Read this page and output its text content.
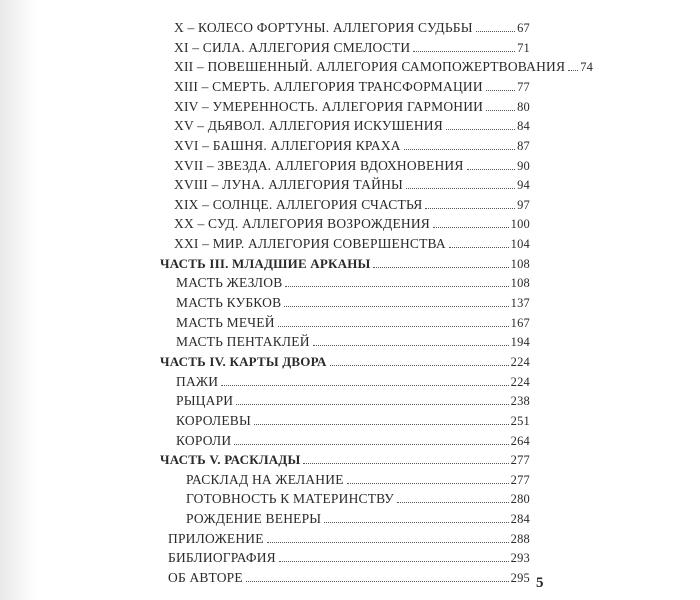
X – КОЛЕСО ФОРТУНЫ. АЛЛЕГОРИЯ СУДЬБЫ	67
XI – СИЛА. АЛЛЕГОРИЯ СМЕЛОСТИ	71
XII – ПОВЕШЕННЫЙ. АЛЛЕГОРИЯ САМОПОЖЕРТВОВАНИЯ 74
XIII – СМЕРТЬ. АЛЛЕГОРИЯ ТРАНСФОРМАЦИИ	77
XIV – УМЕРЕННОСТЬ. АЛЛЕГОРИЯ ГАРМОНИИ	80
XV – ДЬЯВОЛ. АЛЛЕГОРИЯ ИСКУШЕНИЯ	84
XVI – БАШНЯ. АЛЛЕГОРИЯ КРАХА	87
XVII – ЗВЕЗДА. АЛЛЕГОРИЯ ВДОХНОВЕНИЯ	90
XVIII – ЛУНА. АЛЛЕГОРИЯ ТАЙНЫ	94
XIX – СОЛНЦЕ. АЛЛЕГОРИЯ СЧАСТЬЯ	97
XX – СУД. АЛЛЕГОРИЯ ВОЗРОЖДЕНИЯ	100
XXI – МИР. АЛЛЕГОРИЯ СОВЕРШЕНСТВА	104
ЧАСТЬ III. МЛАДШИЕ АРКАНЫ	108
МАСТЬ ЖЕЗЛОВ	108
МАСТЬ КУБКОВ	137
МАСТЬ МЕЧЕЙ	167
МАСТЬ ПЕНТАКЛЕЙ	194
ЧАСТЬ IV. КАРТЫ ДВОРА	224
ПАЖИ	224
РЫЦАРИ	238
КОРОЛЕВЫ	251
КОРОЛИ	264
ЧАСТЬ V. РАСКЛАДЫ	277
РАСКЛАД НА ЖЕЛАНИЕ	277
ГОТОВНОСТЬ К МАТЕРИНСТВУ	280
РОЖДЕНИЕ ВЕНЕРЫ	284
ПРИЛОЖЕНИЕ	288
БИБЛИОГРАФИЯ	293
ОБ АВТОРЕ	295 5
